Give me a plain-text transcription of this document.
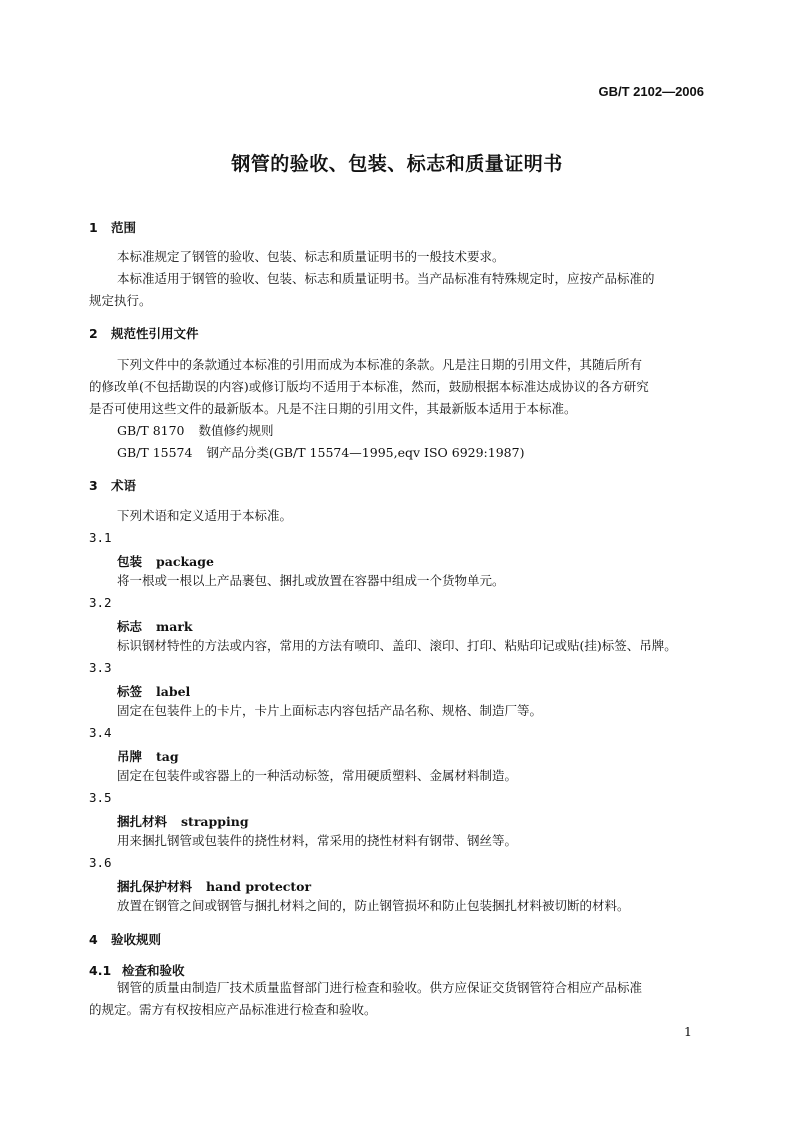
GB/T 2102—2006
钢管的验收、包装、标志和质量证明书
1 范围
本标准规定了钢管的验收、包装、标志和质量证明书的一般技术要求。
本标准适用于钢管的验收、包装、标志和质量证明书。当产品标准有特殊规定时，应按产品标准的
规定执行。
2 规范性引用文件
下列文件中的条款通过本标准的引用而成为本标准的条款。凡是注日期的引用文件，其随后所有
的修改单(不包括勘误的内容)或修订版均不适用于本标准，然而，鼓励根据本标准达成协议的各方研究
是否可使用这些文件的最新版本。凡是不注日期的引用文件，其最新版本适用于本标准。
GB/T 8170 数值修约规则
GB/T 15574 钢产品分类(GB/T 15574—1995,eqv ISO 6929:1987)
3 术语
下列术语和定义适用于本标准。
3.1
包装 package
将一根或一根以上产品裹包、捆扎或放置在容器中组成一个货物单元。
3.2
标志 mark
标识钢材特性的方法或内容，常用的方法有喷印、盖印、滚印、打印、粘贴印记或贴(挂)标签、吊牌。
3.3
标签 label
固定在包装件上的卡片，卡片上面标志内容包括产品名称、规格、制造厂等。
3.4
吊牌 tag
固定在包装件或容器上的一种活动标签，常用硬质塑料、金属材料制造。
3.5
捆扎材料 strapping
用来捆扎钢管或包装件的挠性材料，常采用的挠性材料有钢带、钢丝等。
3.6
捆扎保护材料 hand protector
放置在钢管之间或钢管与捆扎材料之间的，防止钢管损坏和防止包装捆扎材料被切断的材料。
4 验收规则
4.1 检查和验收
钢管的质量由制造厂技术质量监督部门进行检查和验收。供方应保证交货钢管符合相应产品标准
的规定。需方有权按相应产品标准进行检查和验收。
1
